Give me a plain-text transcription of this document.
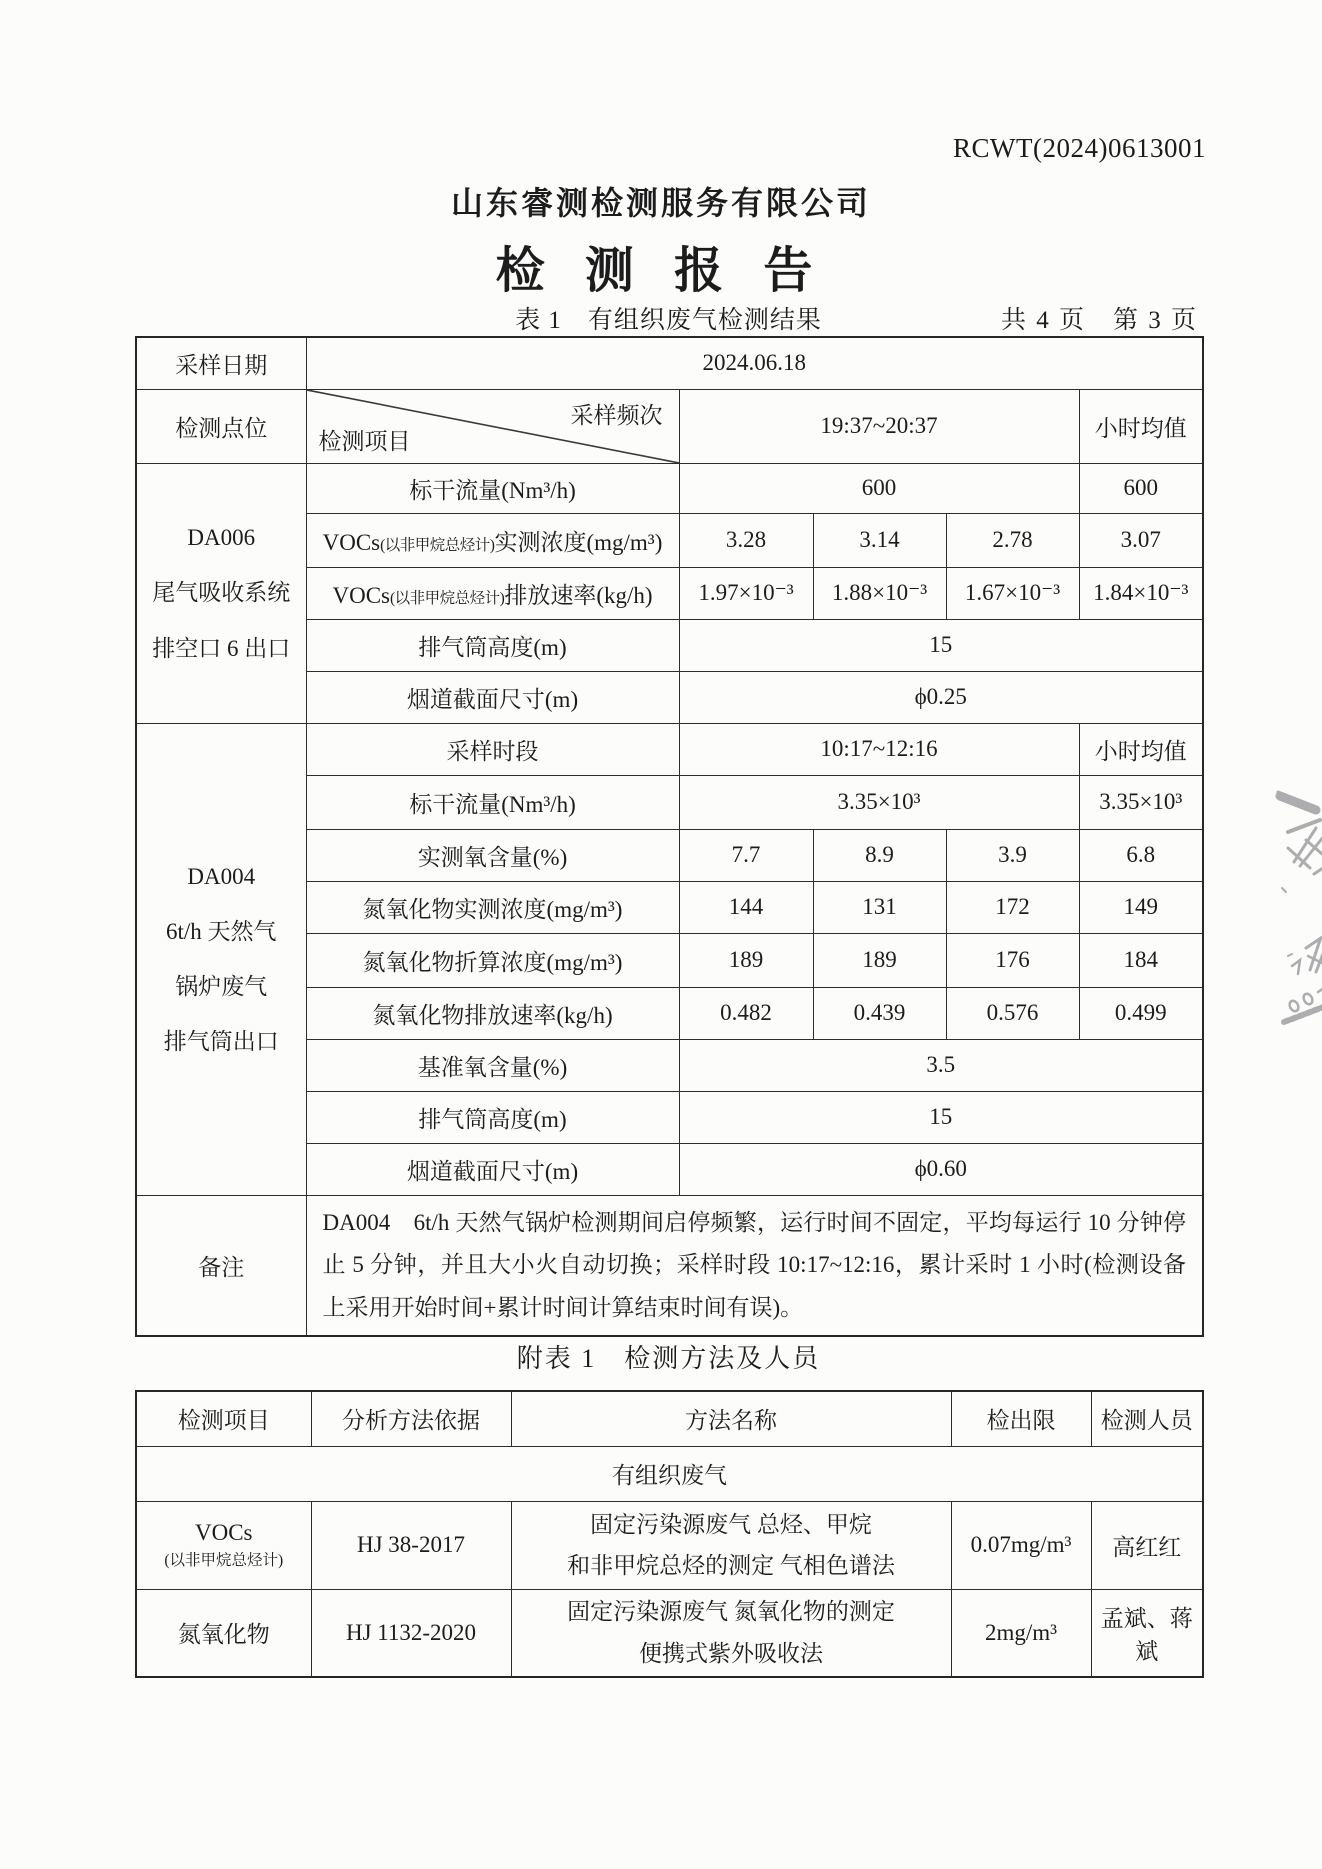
RCWT(2024)0613001
山东睿测检测服务有限公司
检 测 报 告
表 1　有组织废气检测结果	共 4 页　第 3 页
采样日期	2024.06.18				
检测点位	采样频次
检测项目	19:37~20:37			小时均值

DA006
尾气吸收系统
排空口 6 出口	标干流量(Nm³/h)	600			600
	VOCs(以非甲烷总烃计)实测浓度(mg/m³)	3.28	3.14	2.78	3.07
	VOCs(以非甲烷总烃计)排放速率(kg/h)	1.97×10⁻³	1.88×10⁻³	1.67×10⁻³	1.84×10⁻³
	排气筒高度(m)	15			
	烟道截面尺寸(m)	ϕ0.25			

DA004
6t/h 天然气
锅炉废气
排气筒出口	采样时段	10:17~12:16			小时均值
	标干流量(Nm³/h)	3.35×10³			3.35×10³
	实测氧含量(%)	7.7	8.9	3.9	6.8
	氮氧化物实测浓度(mg/m³)	144	131	172	149
	氮氧化物折算浓度(mg/m³)	189	189	176	184
	氮氧化物排放速率(kg/h)	0.482	0.439	0.576	0.499
	基准氧含量(%)	3.5			
	排气筒高度(m)	15			
	烟道截面尺寸(m)	ϕ0.60			
备注	DA004　6t/h 天然气锅炉检测期间启停频繁，运行时间不固定，平均每运行 10 分钟停止 5 分钟，并且大小火自动切换；采样时段 10:17~12:16，累计采时 1 小时(检测设备上采用开始时间+累计时间计算结束时间有误)。				
附表 1　检测方法及人员
检测项目	分析方法依据	方法名称	检出限	检测人员
有组织废气				

VOCs
(以非甲烷总烃计)
	HJ 38-2017	
固定污染源废气 总烃、甲烷
和非甲烷总烃的测定 气相色谱法
	0.07mg/m³	高红红
氮氧化物	HJ 1132-2020	固定污染源废气 氮氧化物的测定
便携式紫外吸收法	2mg/m³	孟斌、蒋斌
